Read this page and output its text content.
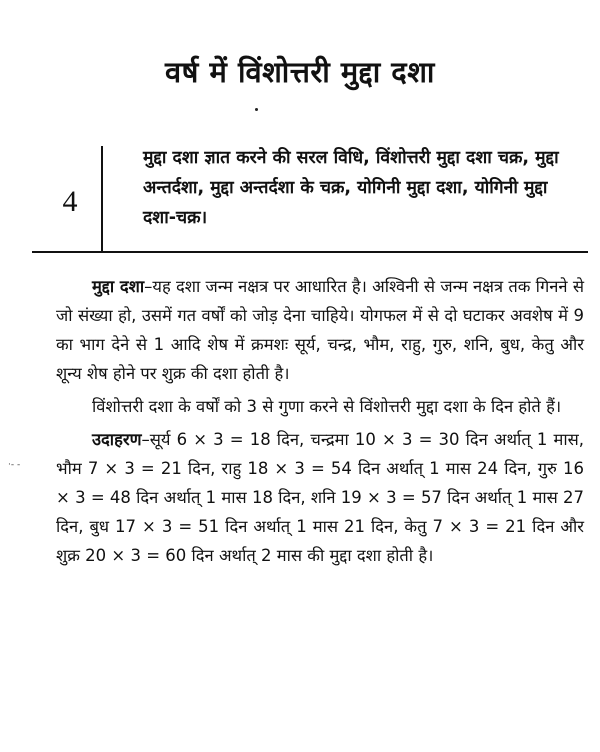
वर्ष में विंशोत्तरी मुद्दा दशा
4
मुद्दा दशा ज्ञात करने की सरल विधि, विंशोत्तरी मुद्दा दशा चक्र, मुद्दा अन्तर्दशा, मुद्दा अन्तर्दशा के चक्र, योगिनी मुद्दा दशा, योगिनी मुद्दा दशा-चक्र।
·- -

मुद्दा दशा–यह दशा जन्म नक्षत्र पर आधारित है। अश्विनी से जन्म नक्षत्र तक गिनने से जो संख्या हो, उसमें गत वर्षों को जोड़ देना चाहिये। योगफल में से दो घटाकर अवशेष में 9 का भाग देने से 1 आदि शेष में क्रमशः सूर्य, चन्द्र, भौम, राहु, गुरु, शनि, बुध, केतु और शून्य शेष होने पर शुक्र की दशा होती है।

विंशोत्तरी दशा के वर्षों को 3 से गुणा करने से विंशोत्तरी मुद्दा दशा के दिन होते हैं।

उदाहरण–सूर्य 6 × 3 = 18 दिन, चन्द्रमा 10 × 3 = 30 दिन अर्थात् 1 मास, भौम 7 × 3 = 21 दिन, राहु 18 × 3 = 54 दिन अर्थात् 1 मास 24 दिन, गुरु 16 × 3 = 48 दिन अर्थात् 1 मास 18 दिन, शनि 19 × 3 = 57 दिन अर्थात् 1 मास 27 दिन, बुध 17 × 3 = 51 दिन अर्थात् 1 मास 21 दिन, केतु 7 × 3 = 21 दिन और शुक्र 20 × 3 = 60 दिन अर्थात् 2 मास की मुद्दा दशा होती है।
